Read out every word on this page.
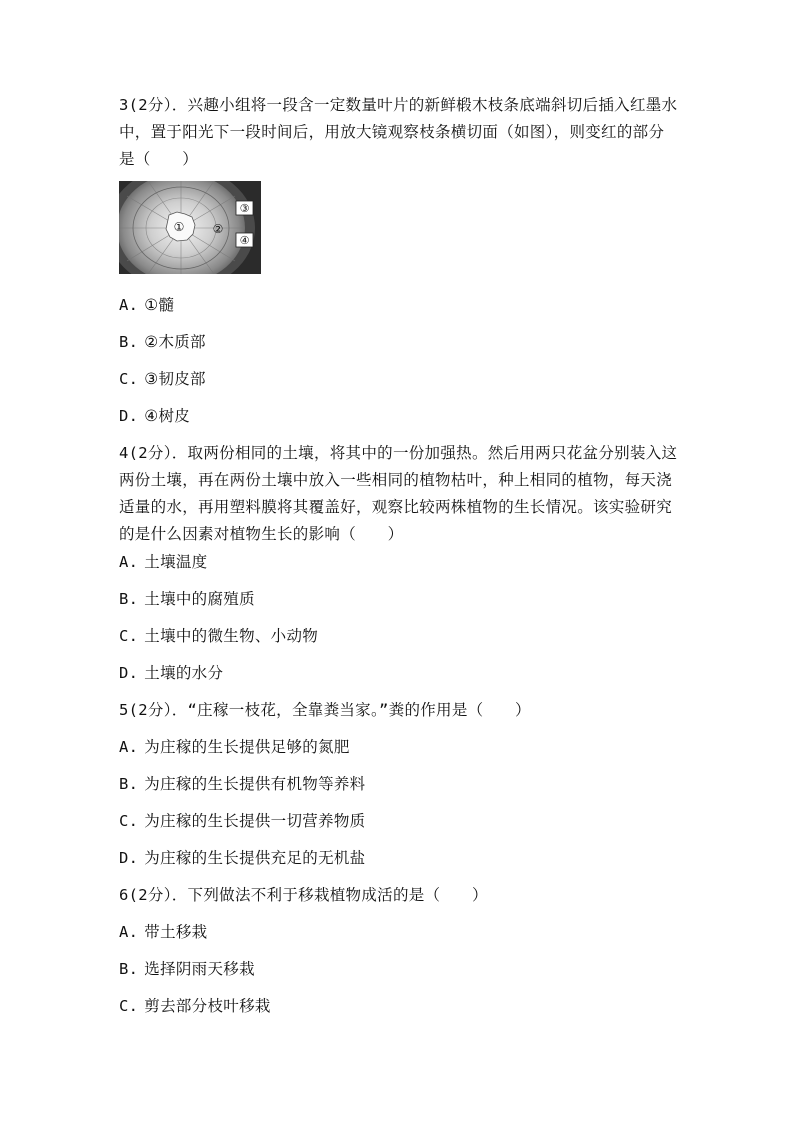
3(2分）．兴趣小组将一段含一定数量叶片的新鲜椴木枝条底端斜切后插入红墨水中，置于阳光下一段时间后，用放大镜观察枝条横切面（如图），则变红的部分是（　　）
① ②
③
④
A. ①髓
B. ②木质部
C. ③韧皮部
D. ④树皮
4(2分）．取两份相同的土壤，将其中的一份加强热。然后用两只花盆分别装入这两份土壤，再在两份土壤中放入一些相同的植物枯叶，种上相同的植物，每天浇适量的水，再用塑料膜将其覆盖好，观察比较两株植物的生长情况。该实验研究的是什么因素对植物生长的影响（　　）
A. 土壤温度
B. 土壤中的腐殖质
C. 土壤中的微生物、小动物
D. 土壤的水分
5(2分）．“庄稼一枝花，全靠粪当家。”粪的作用是（　　）
A. 为庄稼的生长提供足够的氮肥
B. 为庄稼的生长提供有机物等养料
C. 为庄稼的生长提供一切营养物质
D. 为庄稼的生长提供充足的无机盐
6(2分）．下列做法不利于移栽植物成活的是（　　）
A. 带土移栽
B. 选择阴雨天移栽
C. 剪去部分枝叶移栽
